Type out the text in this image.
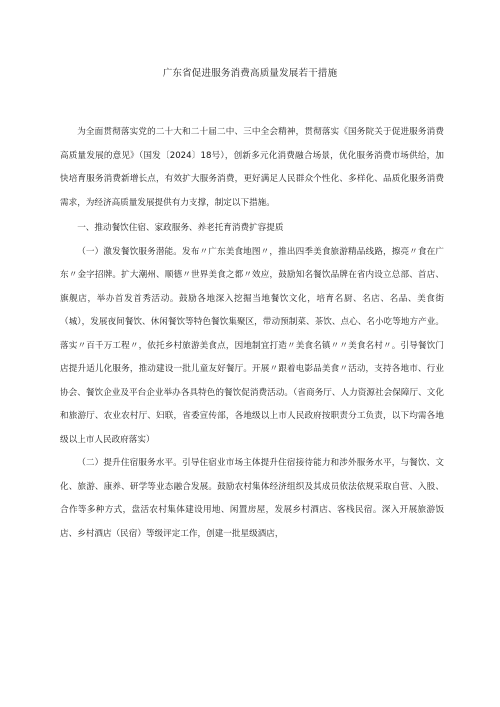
广东省促进服务消费高质量发展若干措施

为全面贯彻落实党的二十大和二十届二中、三中全会精神，贯彻落实《国务院关于促进服务消费高质量发展的意见》（国发〔2024〕18号），创新多元化消费融合场景，优化服务消费市场供给，加快培育服务消费新增长点，有效扩大服务消费，更好满足人民群众个性化、多样化、品质化服务消费需求，为经济高质量发展提供有力支撑，制定以下措施。

一、推动餐饮住宿、家政服务、养老托育消费扩容提质

（一）激发餐饮服务潜能。发布〃广东美食地图〃，推出四季美食旅游精品线路，擦亮〃食在广东〃金字招牌。扩大潮州、顺德〃世界美食之都〃效应，鼓励知名餐饮品牌在省内设立总部、首店、旗舰店，举办首发首秀活动。鼓励各地深入挖掘当地餐饮文化，培育名厨、名店、名品、美食街（城），发展夜间餐饮、休闲餐饮等特色餐饮集聚区，带动预制菜、茶饮、点心、名小吃等地方产业。落实〃百千万工程〃，依托乡村旅游美食点，因地制宜打造〃美食名镇〃〃美食名村〃。引导餐饮门店提升适儿化服务，推动建设一批儿童友好餐厅。开展〃跟着电影品美食〃活动，支持各地市、行业协会、餐饮企业及平台企业举办各具特色的餐饮促消费活动。（省商务厅、人力资源社会保障厅、文化和旅游厅、农业农村厅、妇联，省委宣传部，各地级以上市人民政府按职责分工负责，以下均需各地级以上市人民政府落实）

（二）提升住宿服务水平。引导住宿业市场主体提升住宿接待能力和涉外服务水平，与餐饮、文化、旅游、康养、研学等业态融合发展。鼓励农村集体经济组织及其成员依法依规采取自营、入股、合作等多种方式，盘活农村集体建设用地、闲置房屋，发展乡村酒店、客栈民宿。深入开展旅游饭店、乡村酒店（民宿）等级评定工作，创建一批星级酒店，
